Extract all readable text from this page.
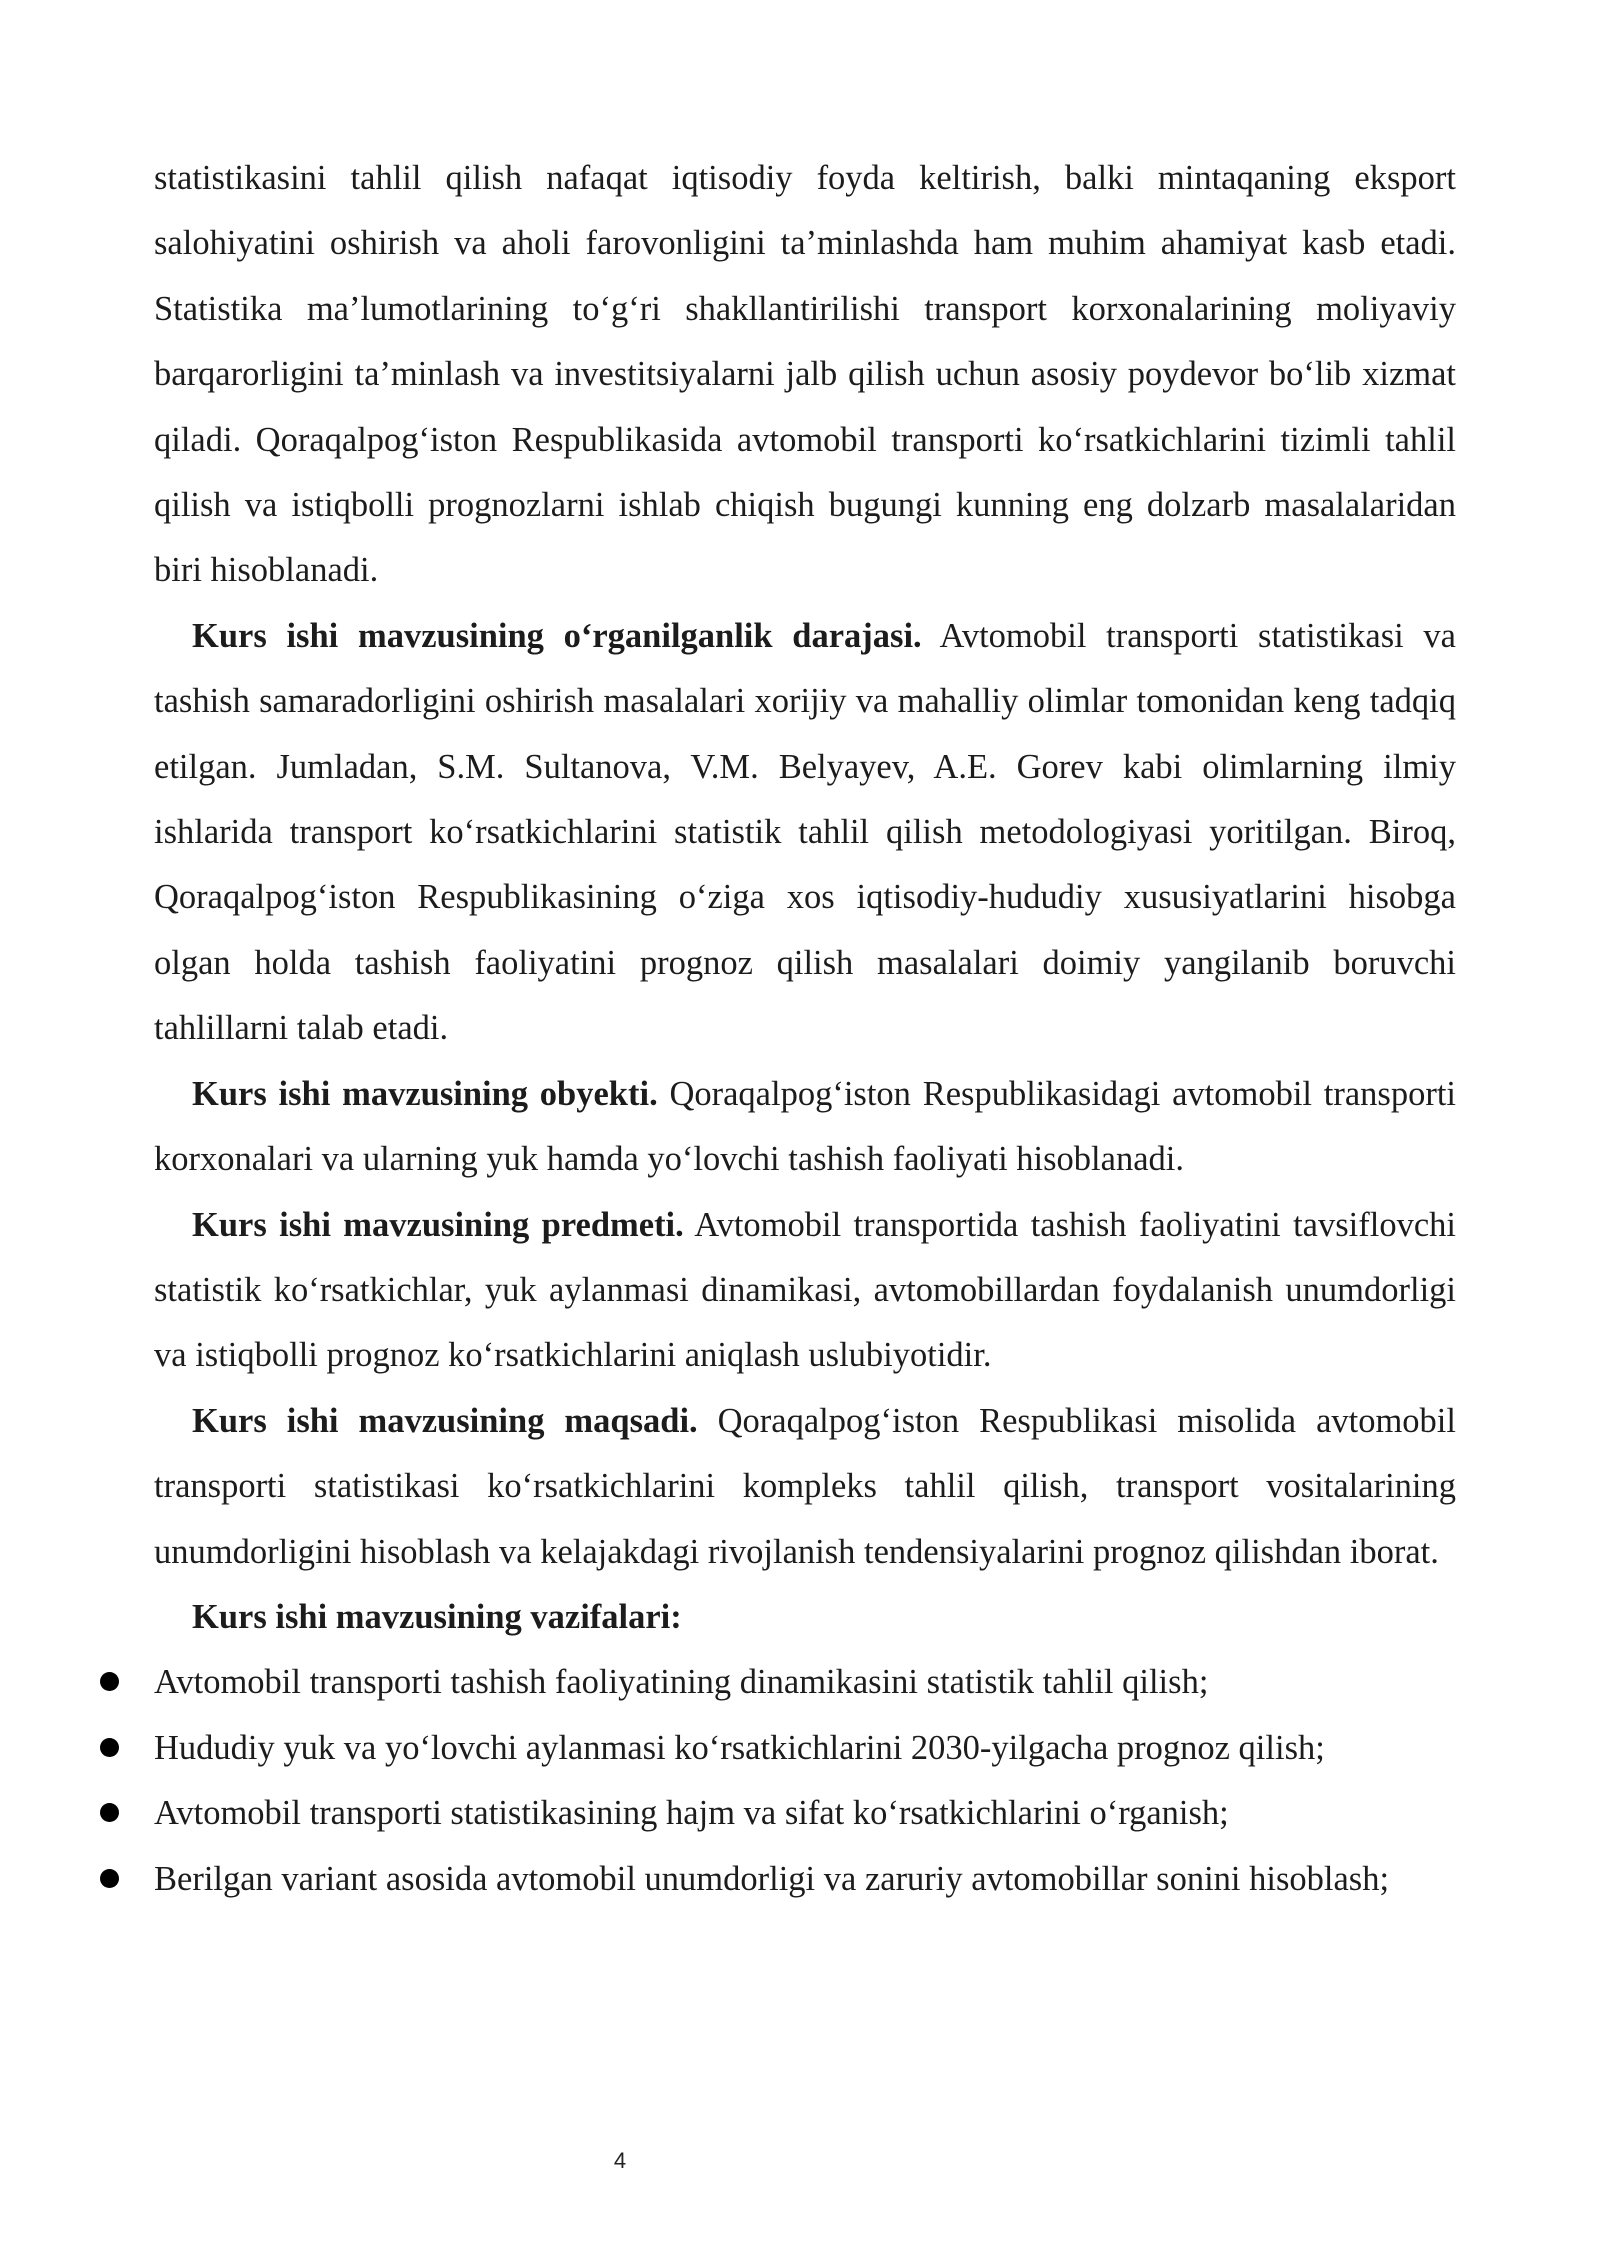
statistikasini tahlil qilish nafaqat iqtisodiy foyda keltirish, balki mintaqaning eksport salohiyatini oshirish va aholi farovonligini ta’minlashda ham muhim ahamiyat kasb etadi. Statistika ma’lumotlarining to‘g‘ri shakllantirilishi transport korxonalarining moliyaviy barqarorligini ta’minlash va investitsiyalarni jalb qilish uchun asosiy poydevor bo‘lib xizmat qiladi. Qoraqalpog‘iston Respublikasida avtomobil transporti ko‘rsatkichlarini tizimli tahlil qilish va istiqbolli prognozlarni ishlab chiqish bugungi kunning eng dolzarb masalalaridan biri hisoblanadi.

Kurs ishi mavzusining o‘rganilganlik darajasi. Avtomobil transporti statistikasi va tashish samaradorligini oshirish masalalari xorijiy va mahalliy olimlar tomonidan keng tadqiq etilgan. Jumladan, S.M. Sultanova, V.M. Belyayev, A.E. Gorev kabi olimlarning ilmiy ishlarida transport ko‘rsatkichlarini statistik tahlil qilish metodologiyasi yoritilgan. Biroq, Qoraqalpog‘iston Respublikasining o‘ziga xos iqtisodiy-hududiy xususiyatlarini hisobga olgan holda tashish faoliyatini prognoz qilish masalalari doimiy yangilanib boruvchi tahlillarni talab etadi.

Kurs ishi mavzusining obyekti. Qoraqalpog‘iston Respublikasidagi avtomobil transporti korxonalari va ularning yuk hamda yo‘lovchi tashish faoliyati hisoblanadi.

Kurs ishi mavzusining predmeti. Avtomobil transportida tashish faoliyatini tavsiflovchi statistik ko‘rsatkichlar, yuk aylanmasi dinamikasi, avtomobillardan foydalanish unumdorligi va istiqbolli prognoz ko‘rsatkichlarini aniqlash uslubiyotidir.

Kurs ishi mavzusining maqsadi. Qoraqalpog‘iston Respublikasi misolida avtomobil transporti statistikasi ko‘rsatkichlarini kompleks tahlil qilish, transport vositalarining unumdorligini hisoblash va kelajakdagi rivojlanish tendensiyalarini prognoz qilishdan iborat.

Kurs ishi mavzusining vazifalari:

Avtomobil transporti tashish faoliyatining dinamikasini statistik tahlil qilish;
Hududiy yuk va yo‘lovchi aylanmasi ko‘rsatkichlarini 2030-yilgacha prognoz qilish;
Avtomobil transporti statistikasining hajm va sifat ko‘rsatkichlarini o‘rganish;
Berilgan variant asosida avtomobil unumdorligi va zaruriy avtomobillar sonini hisoblash;
4
